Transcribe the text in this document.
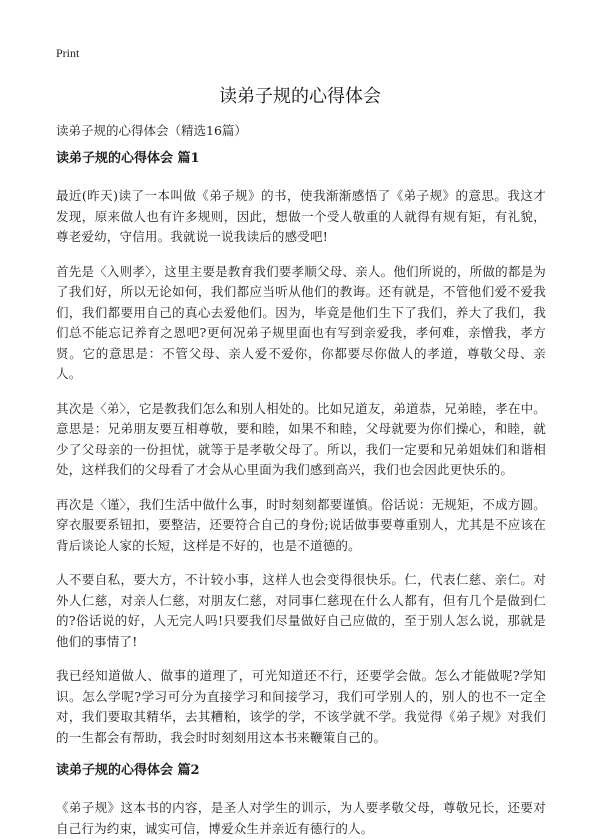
Print
读弟子规的心得体会
读弟子规的心得体会（精选16篇）
读弟子规的心得体会 篇1

最近(昨天)读了一本叫做《弟子规》的书，使我渐渐感悟了《弟子规》的意思。我这才发现，原来做人也有许多规则，因此，想做一个受人敬重的人就得有规有矩，有礼貌，尊老爱幼，守信用。我就说一说我读后的感受吧!

首先是〈入则孝〉，这里主要是教育我们要孝顺父母、亲人。他们所说的，所做的都是为了我们好，所以无论如何，我们都应当听从他们的教诲。还有就是，不管他们爱不爱我们，我们都要用自己的真心去爱他们。因为，毕竟是他们生下了我们，养大了我们，我们总不能忘记养育之恩吧?更何况弟子规里面也有写到亲爱我，孝何难，亲憎我，孝方贤。它的意思是：不管父母、亲人爱不爱你，你都要尽你做人的孝道，尊敬父母、亲人。

其次是〈弟〉，它是教我们怎么和别人相处的。比如兄道友，弟道恭，兄弟睦，孝在中。意思是：兄弟朋友要互相尊敬，要和睦，如果不和睦，父母就要为你们操心，和睦，就少了父母亲的一份担忧，就等于是孝敬父母了。所以，我们一定要和兄弟姐妹们和谐相处，这样我们的父母看了才会从心里面为我们感到高兴，我们也会因此更快乐的。

再次是〈谨〉，我们生活中做什么事，时时刻刻都要谨慎。俗话说：无规矩，不成方圆。穿衣服要系钮扣，要整洁，还要符合自己的身份;说话做事要尊重别人，尤其是不应该在背后谈论人家的长短，这样是不好的，也是不道德的。

人不要自私，要大方，不计较小事，这样人也会变得很快乐。仁，代表仁慈、亲仁。对外人仁慈，对亲人仁慈，对朋友仁慈，对同事仁慈现在什么人都有，但有几个是做到仁的?俗话说的好，人无完人吗!只要我们尽量做好自己应做的，至于别人怎么说，那就是他们的事情了!

我已经知道做人、做事的道理了，可光知道还不行，还要学会做。怎么才能做呢?学知识。怎么学呢?学习可分为直接学习和间接学习，我们可学别人的，别人的也不一定全对，我们要取其精华，去其糟粕，该学的学，不该学就不学。我觉得《弟子规》对我们的一生都会有帮助，我会时时刻刻用这本书来鞭策自己的。

读弟子规的心得体会 篇2

《弟子规》这本书的内容，是圣人对学生的训示，为人要孝敬父母，尊敬兄长，还要对自己行为约束，诚实可信，博爱众生并亲近有德行的人。
